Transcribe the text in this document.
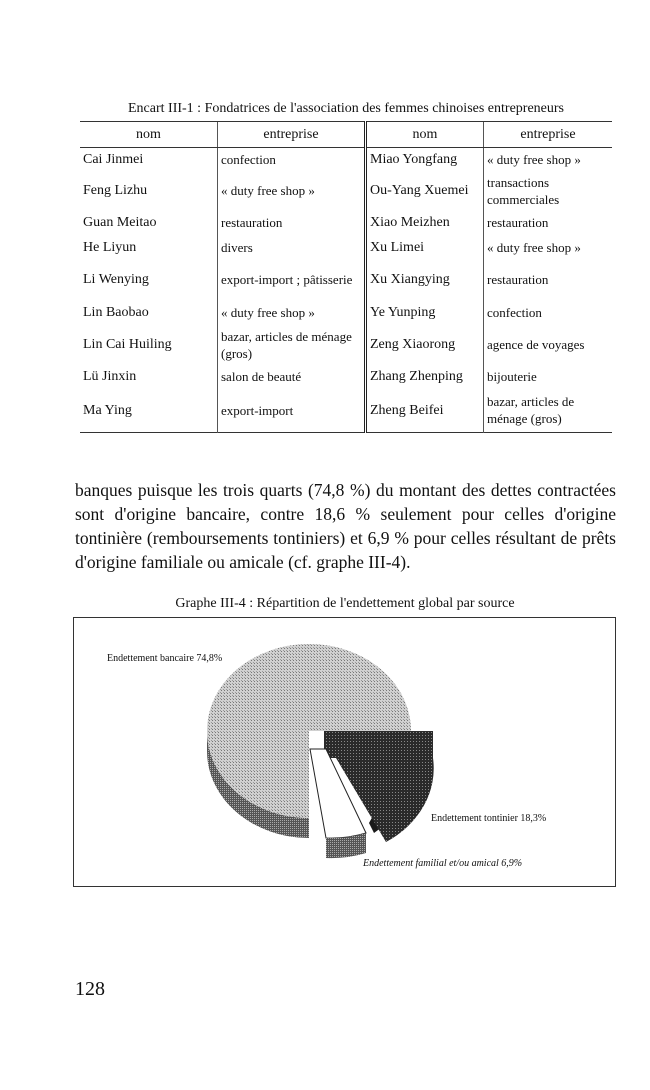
Encart III-1 : Fondatrices de l'association des femmes chinoises entrepreneurs
nom	entreprise	nom	entreprise
Cai Jinmei	confection	Miao Yongfang	« duty free shop »
Feng Lizhu	« duty free shop »	Ou-Yang Xuemei	transactions commerciales
Guan Meitao	restauration	Xiao Meizhen	restauration
He Liyun	divers	Xu Limei	« duty free shop »
Li Wenying	export-import ; pâtisserie	Xu Xiangying	restauration
Lin Baobao	« duty free shop »	Ye Yunping	confection
Lin Cai Huiling	bazar, articles de ménage (gros)	Zeng Xiaorong	agence de voyages
Lü Jinxin	salon de beauté	Zhang Zhenping	bijouterie
Ma Ying	export-import	Zheng Beifei	bazar, articles de ménage (gros)
banques puisque les trois quarts (74,8 %) du montant des dettes contractées sont d'origine bancaire, contre 18,6 % seulement pour celles d'origine tontinière (remboursements tontiniers) et 6,9 % pour celles résultant de prêts d'origine familiale ou amicale (cf. graphe III-4).
Graphe III-4 : Répartition de l'endettement global par source
Endettement bancaire 74,8%
Endettement tontinier 18,3%
Endettement familial et/ou amical 6,9%
128
